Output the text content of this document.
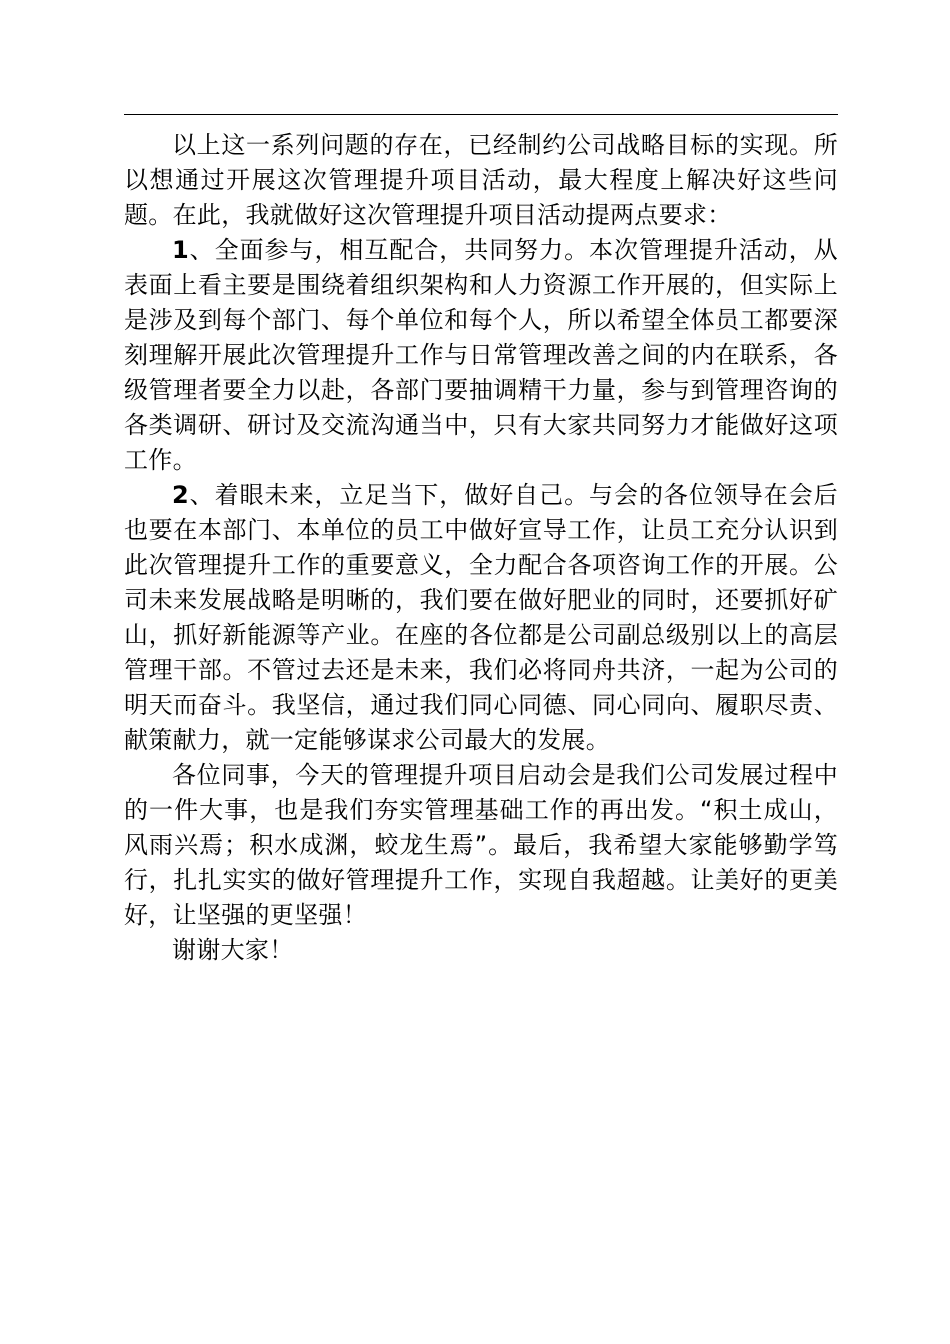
以上这一系列问题的存在，已经制约公司战略目标的实现。所以想通过开展这次管理提升项目活动，最大程度上解决好这些问题。在此，我就做好这次管理提升项目活动提两点要求：

1、全面参与，相互配合，共同努力。本次管理提升活动，从表面上看主要是围绕着组织架构和人力资源工作开展的，但实际上是涉及到每个部门、每个单位和每个人，所以希望全体员工都要深刻理解开展此次管理提升工作与日常管理改善之间的内在联系，各级管理者要全力以赴，各部门要抽调精干力量，参与到管理咨询的各类调研、研讨及交流沟通当中，只有大家共同努力才能做好这项工作。

2、着眼未来，立足当下，做好自己。与会的各位领导在会后也要在本部门、本单位的员工中做好宣导工作，让员工充分认识到此次管理提升工作的重要意义，全力配合各项咨询工作的开展。公司未来发展战略是明晰的，我们要在做好肥业的同时，还要抓好矿山，抓好新能源等产业。在座的各位都是公司副总级别以上的高层管理干部。不管过去还是未来，我们必将同舟共济，一起为公司的明天而奋斗。我坚信，通过我们同心同德、同心同向、履职尽责、献策献力，就一定能够谋求公司最大的发展。

各位同事，今天的管理提升项目启动会是我们公司发展过程中的一件大事，也是我们夯实管理基础工作的再出发。“积土成山，风雨兴焉；积水成渊，蛟龙生焉”。最后，我希望大家能够勤学笃行，扎扎实实的做好管理提升工作，实现自我超越。让美好的更美好，让坚强的更坚强！

谢谢大家！
